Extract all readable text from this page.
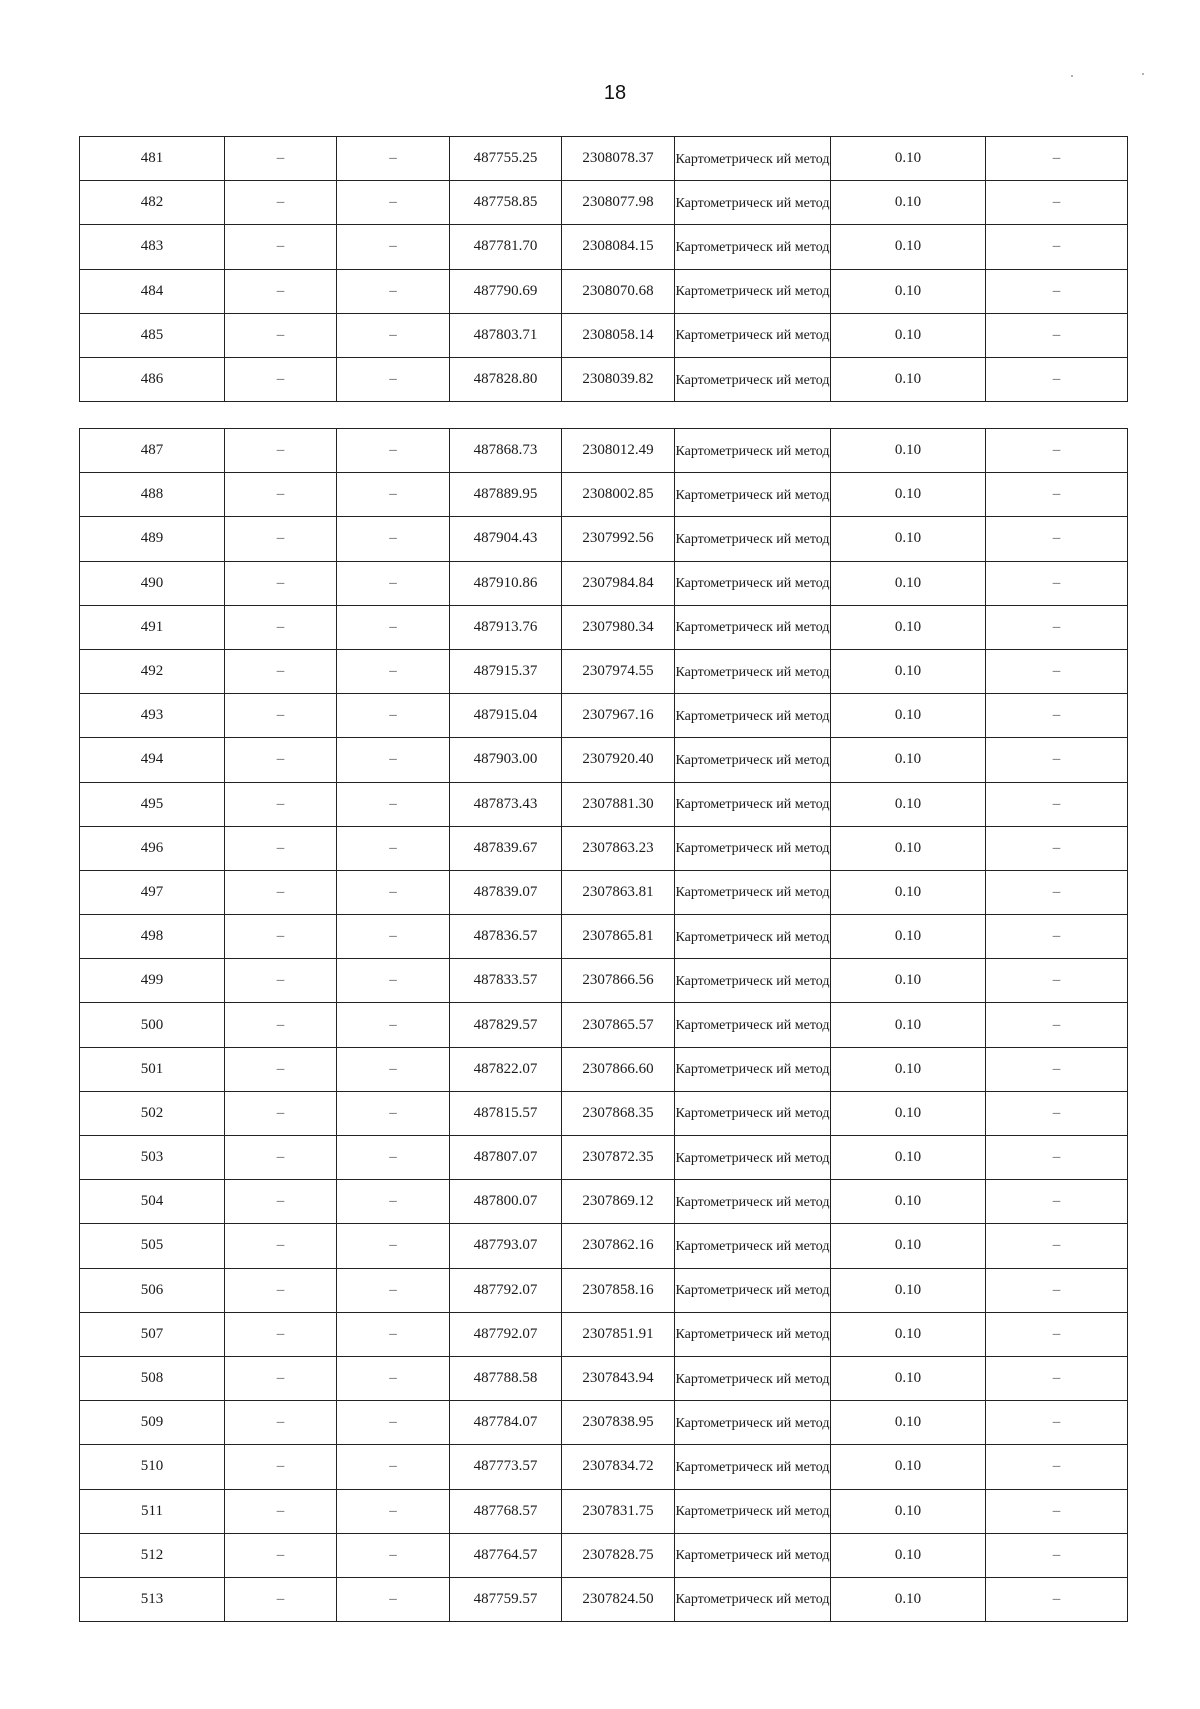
18
481	–	–	487755.25	2308078.37	Картометрическ ий метод	0.10	–
482	–	–	487758.85	2308077.98	Картометрическ ий метод	0.10	–
483	–	–	487781.70	2308084.15	Картометрическ ий метод	0.10	–
484	–	–	487790.69	2308070.68	Картометрическ ий метод	0.10	–
485	–	–	487803.71	2308058.14	Картометрическ ий метод	0.10	–
486	–	–	487828.80	2308039.82	Картометрическ ий метод	0.10	–
487	–	–	487868.73	2308012.49	Картометрическ ий метод	0.10	–
488	–	–	487889.95	2308002.85	Картометрическ ий метод	0.10	–
489	–	–	487904.43	2307992.56	Картометрическ ий метод	0.10	–
490	–	–	487910.86	2307984.84	Картометрическ ий метод	0.10	–
491	–	–	487913.76	2307980.34	Картометрическ ий метод	0.10	–
492	–	–	487915.37	2307974.55	Картометрическ ий метод	0.10	–
493	–	–	487915.04	2307967.16	Картометрическ ий метод	0.10	–
494	–	–	487903.00	2307920.40	Картометрическ ий метод	0.10	–
495	–	–	487873.43	2307881.30	Картометрическ ий метод	0.10	–
496	–	–	487839.67	2307863.23	Картометрическ ий метод	0.10	–
497	–	–	487839.07	2307863.81	Картометрическ ий метод	0.10	–
498	–	–	487836.57	2307865.81	Картометрическ ий метод	0.10	–
499	–	–	487833.57	2307866.56	Картометрическ ий метод	0.10	–
500	–	–	487829.57	2307865.57	Картометрическ ий метод	0.10	–
501	–	–	487822.07	2307866.60	Картометрическ ий метод	0.10	–
502	–	–	487815.57	2307868.35	Картометрическ ий метод	0.10	–
503	–	–	487807.07	2307872.35	Картометрическ ий метод	0.10	–
504	–	–	487800.07	2307869.12	Картометрическ ий метод	0.10	–
505	–	–	487793.07	2307862.16	Картометрическ ий метод	0.10	–
506	–	–	487792.07	2307858.16	Картометрическ ий метод	0.10	–
507	–	–	487792.07	2307851.91	Картометрическ ий метод	0.10	–
508	–	–	487788.58	2307843.94	Картометрическ ий метод	0.10	–
509	–	–	487784.07	2307838.95	Картометрическ ий метод	0.10	–
510	–	–	487773.57	2307834.72	Картометрическ ий метод	0.10	–
511	–	–	487768.57	2307831.75	Картометрическ ий метод	0.10	–
512	–	–	487764.57	2307828.75	Картометрическ ий метод	0.10	–
513	–	–	487759.57	2307824.50	Картометрическ ий метод	0.10	–
